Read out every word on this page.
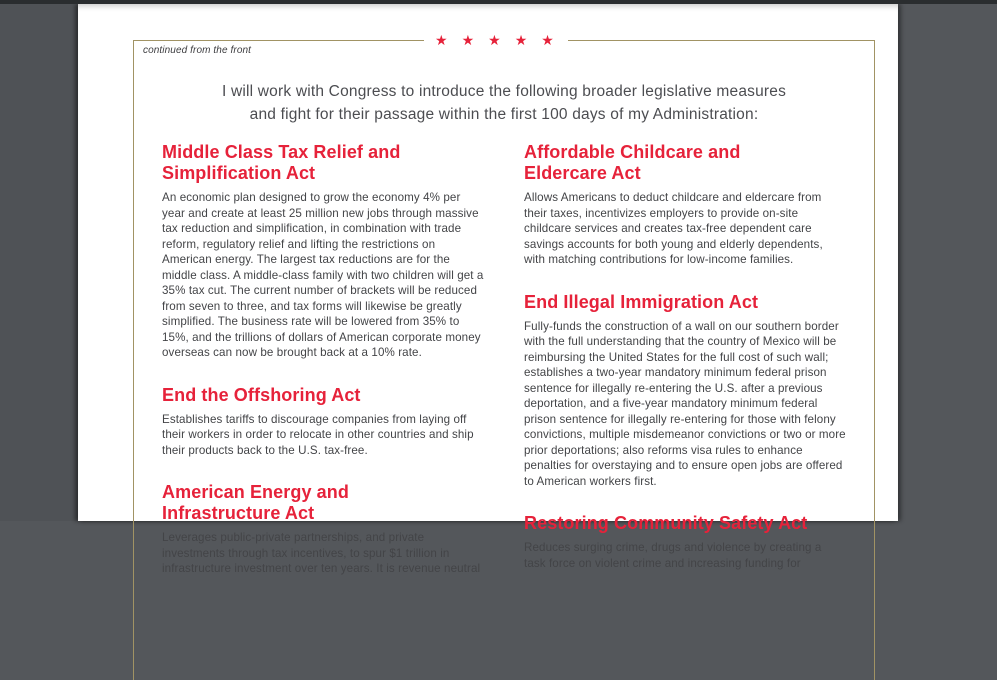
★★★★★
continued from the front
I will work with Congress to introduce the following broader legislative measures
and fight for their passage within the first 100 days of my Administration:
Middle Class Tax Relief and
Simplification Act

An economic plan designed to grow the economy 4% per year and create at least 25 million new jobs through massive tax reduction and simplification, in combination with trade reform, regulatory relief and lifting the restrictions on American energy. The largest tax reductions are for the middle class. A middle-class family with two children will get a 35% tax cut. The current number of brackets will be reduced from seven to three, and tax forms will likewise be greatly simplified. The business rate will be lowered from 35% to 15%, and the trillions of dollars of American corporate money overseas can now be brought back at a 10% rate.

End the Offshoring Act

Establishes tariffs to discourage companies from laying off their workers in order to relocate in other countries and ship their products back to the U.S. tax-free.

American Energy and
Infrastructure Act

Leverages public-private partnerships, and private investments through tax incentives, to spur $1 trillion in infrastructure investment over ten years. It is revenue neutral

Affordable Childcare and
Eldercare Act

Allows Americans to deduct childcare and eldercare from their taxes, incentivizes employers to provide on-site childcare services and creates tax-free dependent care savings accounts for both young and elderly dependents, with matching contributions for low-income families.

End Illegal Immigration Act

Fully-funds the construction of a wall on our southern border with the full understanding that the country of Mexico will be reimbursing the United States for the full cost of such wall; establishes a two-year mandatory minimum federal prison sentence for illegally re-entering the U.S. after a previous deportation, and a five-year mandatory minimum federal prison sentence for illegally re-entering for those with felony convictions, multiple misdemeanor convictions or two or more prior deportations; also reforms visa rules to enhance penalties for overstaying and to ensure open jobs are offered to American workers first.

Restoring Community Safety Act

Reduces surging crime, drugs and violence by creating a task force on violent crime and increasing funding for
